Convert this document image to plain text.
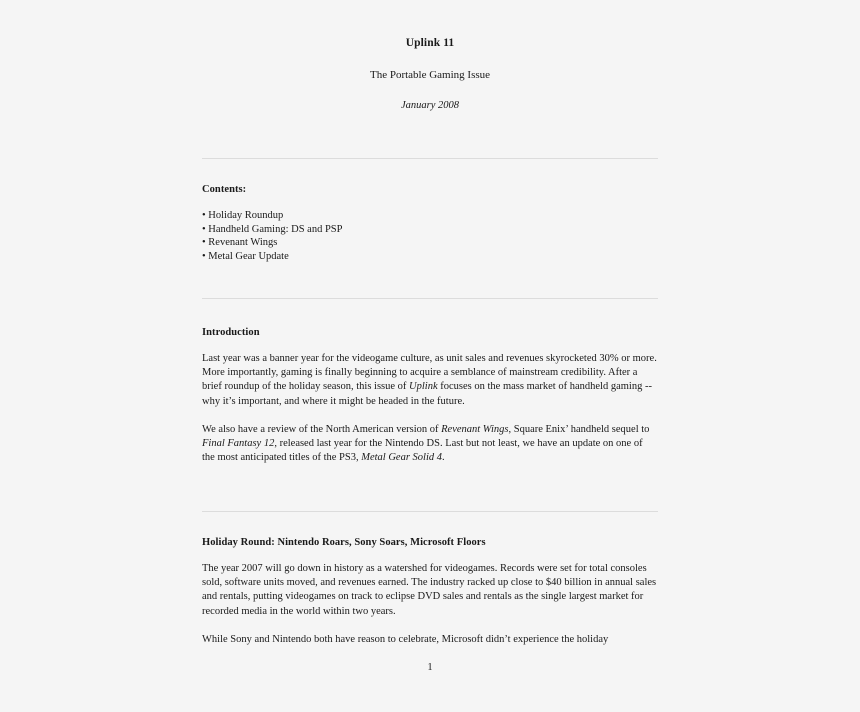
Uplink 11
The Portable Gaming Issue
January 2008
Contents:
• Holiday Roundup
• Handheld Gaming: DS and PSP
• Revenant Wings
• Metal Gear Update
Introduction

Last year was a banner year for the videogame culture, as unit sales and revenues skyrocketed 30% or more. More importantly, gaming is finally beginning to acquire a semblance of mainstream credibility. After a brief roundup of the holiday season, this issue of Uplink focuses on the mass market of handheld gaming -- why it’s important, and where it might be headed in the future.

We also have a review of the North American version of Revenant Wings, Square Enix’ handheld sequel to Final Fantasy 12, released last year for the Nintendo DS. Last but not least, we have an update on one of the most anticipated titles of the PS3, Metal Gear Solid 4.

Holiday Round: Nintendo Roars, Sony Soars, Microsoft Floors

The year 2007 will go down in history as a watershed for videogames. Records were set for total consoles sold, software units moved, and revenues earned. The industry racked up close to $40 billion in annual sales and rentals, putting videogames on track to eclipse DVD sales and rentals as the single largest market for recorded media in the world within two years.

While Sony and Nintendo both have reason to celebrate, Microsoft didn’t experience the holiday

1
